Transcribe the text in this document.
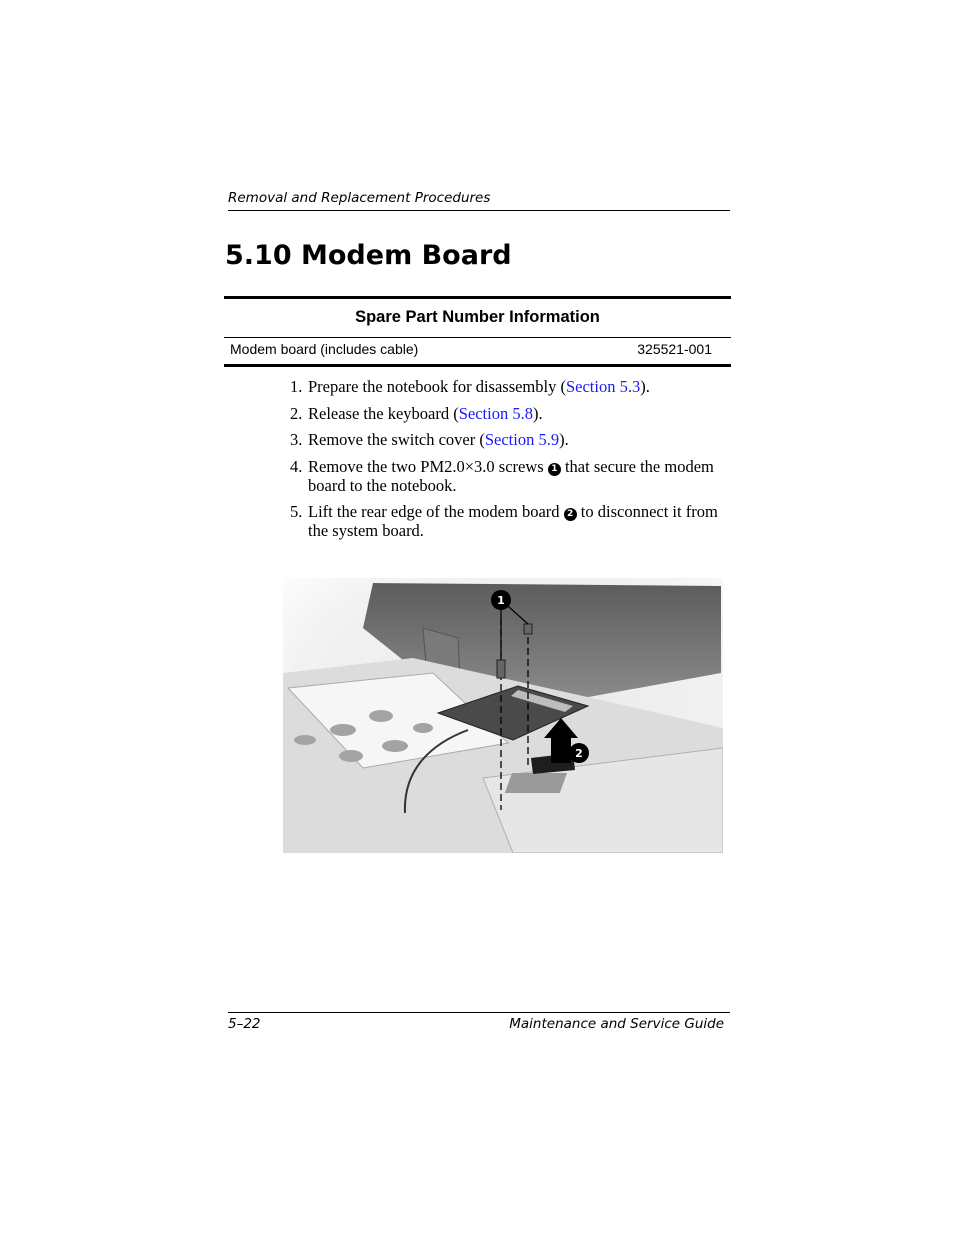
Removal and Replacement Procedures
5.10 Modem Board
Spare Part Number Information
Modem board (includes cable)	325521-001
1. Prepare the notebook for disassembly (Section 5.3).
2. Release the keyboard (Section 5.8).
3. Remove the switch cover (Section 5.9).
4. Remove the two PM2.0×3.0 screws 1 that secure the modem board to the notebook.
5. Lift the rear edge of the modem board 2 to disconnect it from the system board.
1
2
5–22	Maintenance and Service Guide
